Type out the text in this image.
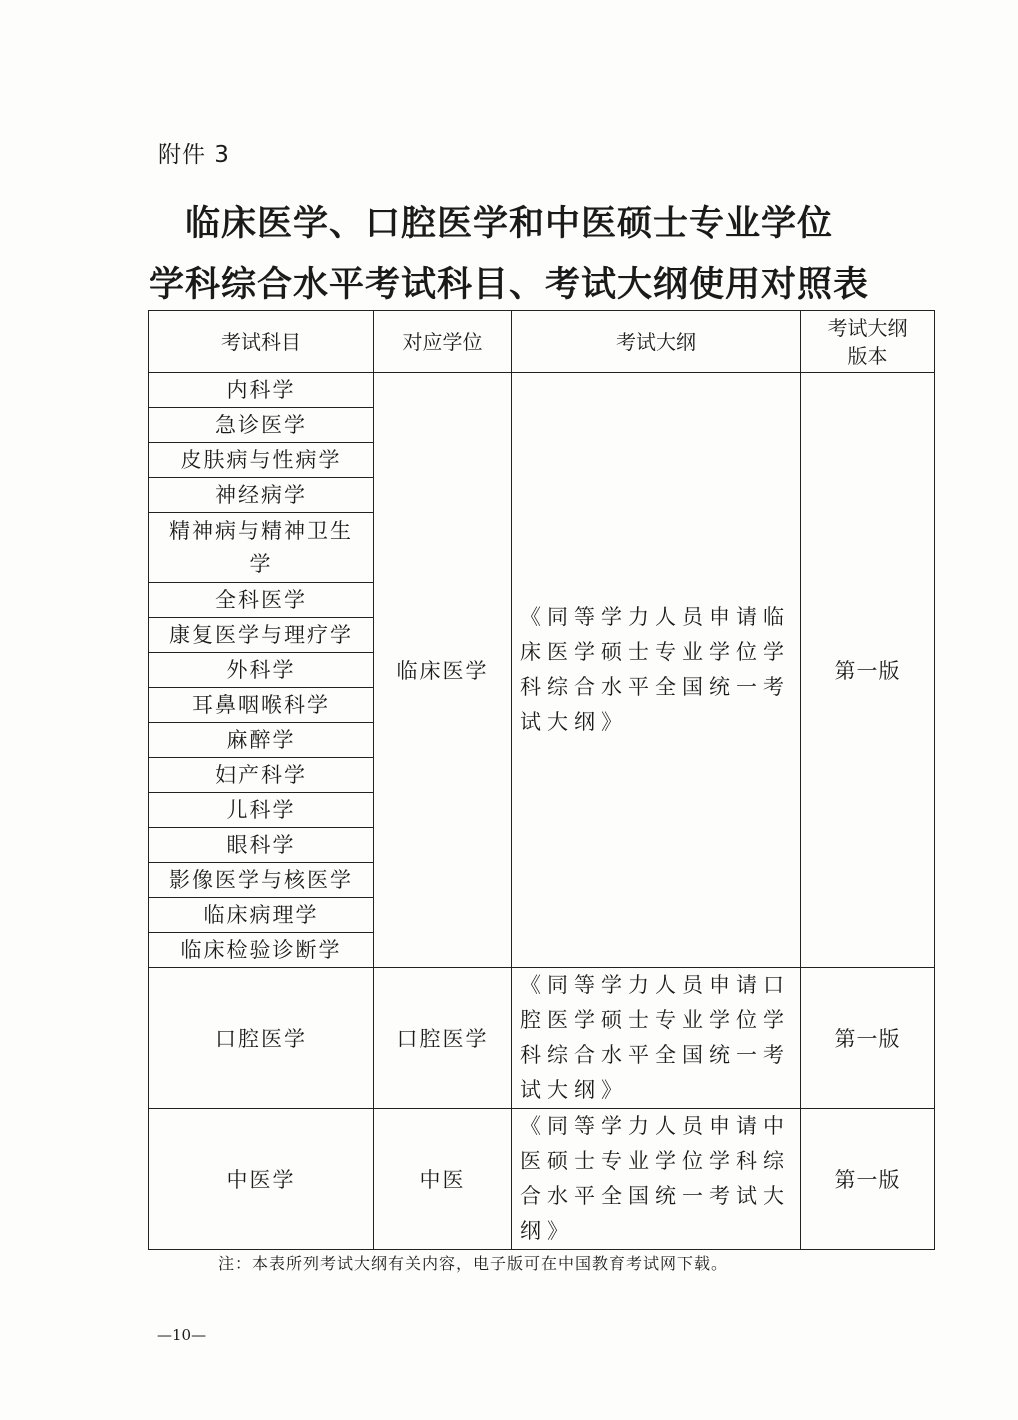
附件 3
临床医学、口腔医学和中医硕士专业学位
学科综合水平考试科目、考试大纲使用对照表
考试科目	对应学位	考试大纲	考试大纲
版本
内科学	临床医学	《同等学力人员申请临床医学硕士专业学位学科综合水平全国统一考试大纲》	第一版
急诊医学			
皮肤病与性病学			
神经病学			
精神病与精神卫生
学			
全科医学			
康复医学与理疗学			
外科学			
耳鼻咽喉科学			
麻醉学			
妇产科学			
儿科学			
眼科学			
影像医学与核医学			
临床病理学			
临床检验诊断学			
口腔医学	口腔医学	《同等学力人员申请口腔医学硕士专业学位学科综合水平全国统一考试大纲》	第一版
中医学	中医	《同等学力人员申请中医硕士专业学位学科综合水平全国统一考试大纲》	第一版
注：本表所列考试大纲有关内容，电子版可在中国教育考试网下载。
—10—
